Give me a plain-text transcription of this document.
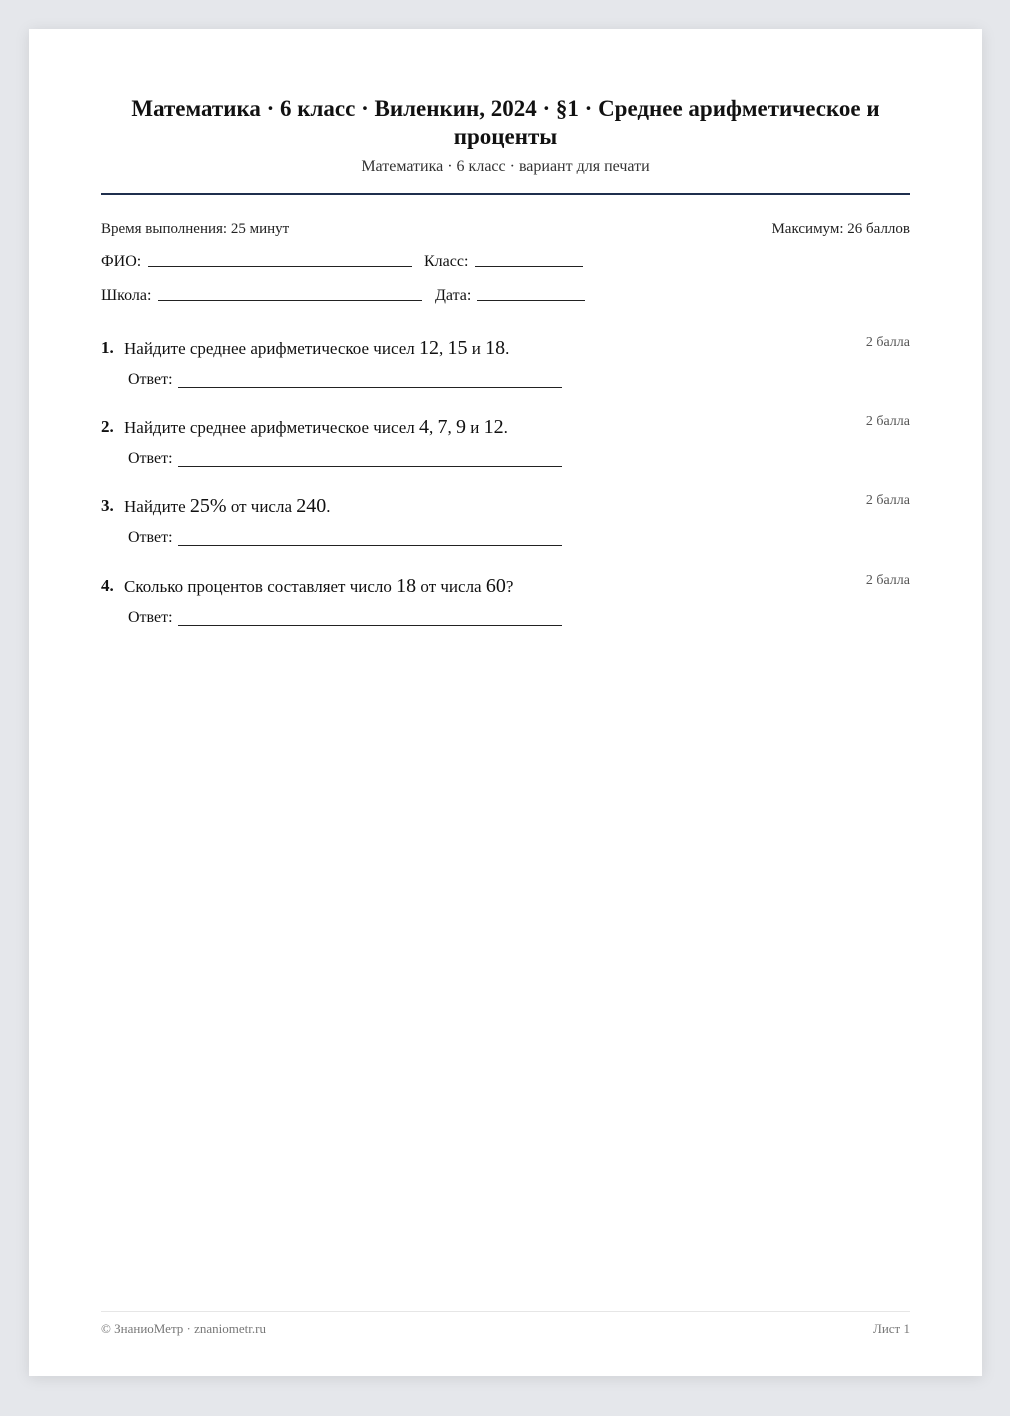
Математика · 6 класс · Виленкин, 2024 · §1 · Среднее арифметическое и проценты
Математика · 6 класс · вариант для печати
Время выполнения: 25 минут	Максимум: 26 баллов
ФИО:	Класс:
Школа:	Дата:
1. Найдите среднее арифметическое чисел 12, 15 и 18.	2 балла
Ответ:
2. Найдите среднее арифметическое чисел 4, 7, 9 и 12.	2 балла
Ответ:
3. Найдите 25% от числа 240.	2 балла
Ответ:
4. Сколько процентов составляет число 18 от числа 60?	2 балла
Ответ:
© ЗнаниоМетр · znaniometr.ru	Лист 1
